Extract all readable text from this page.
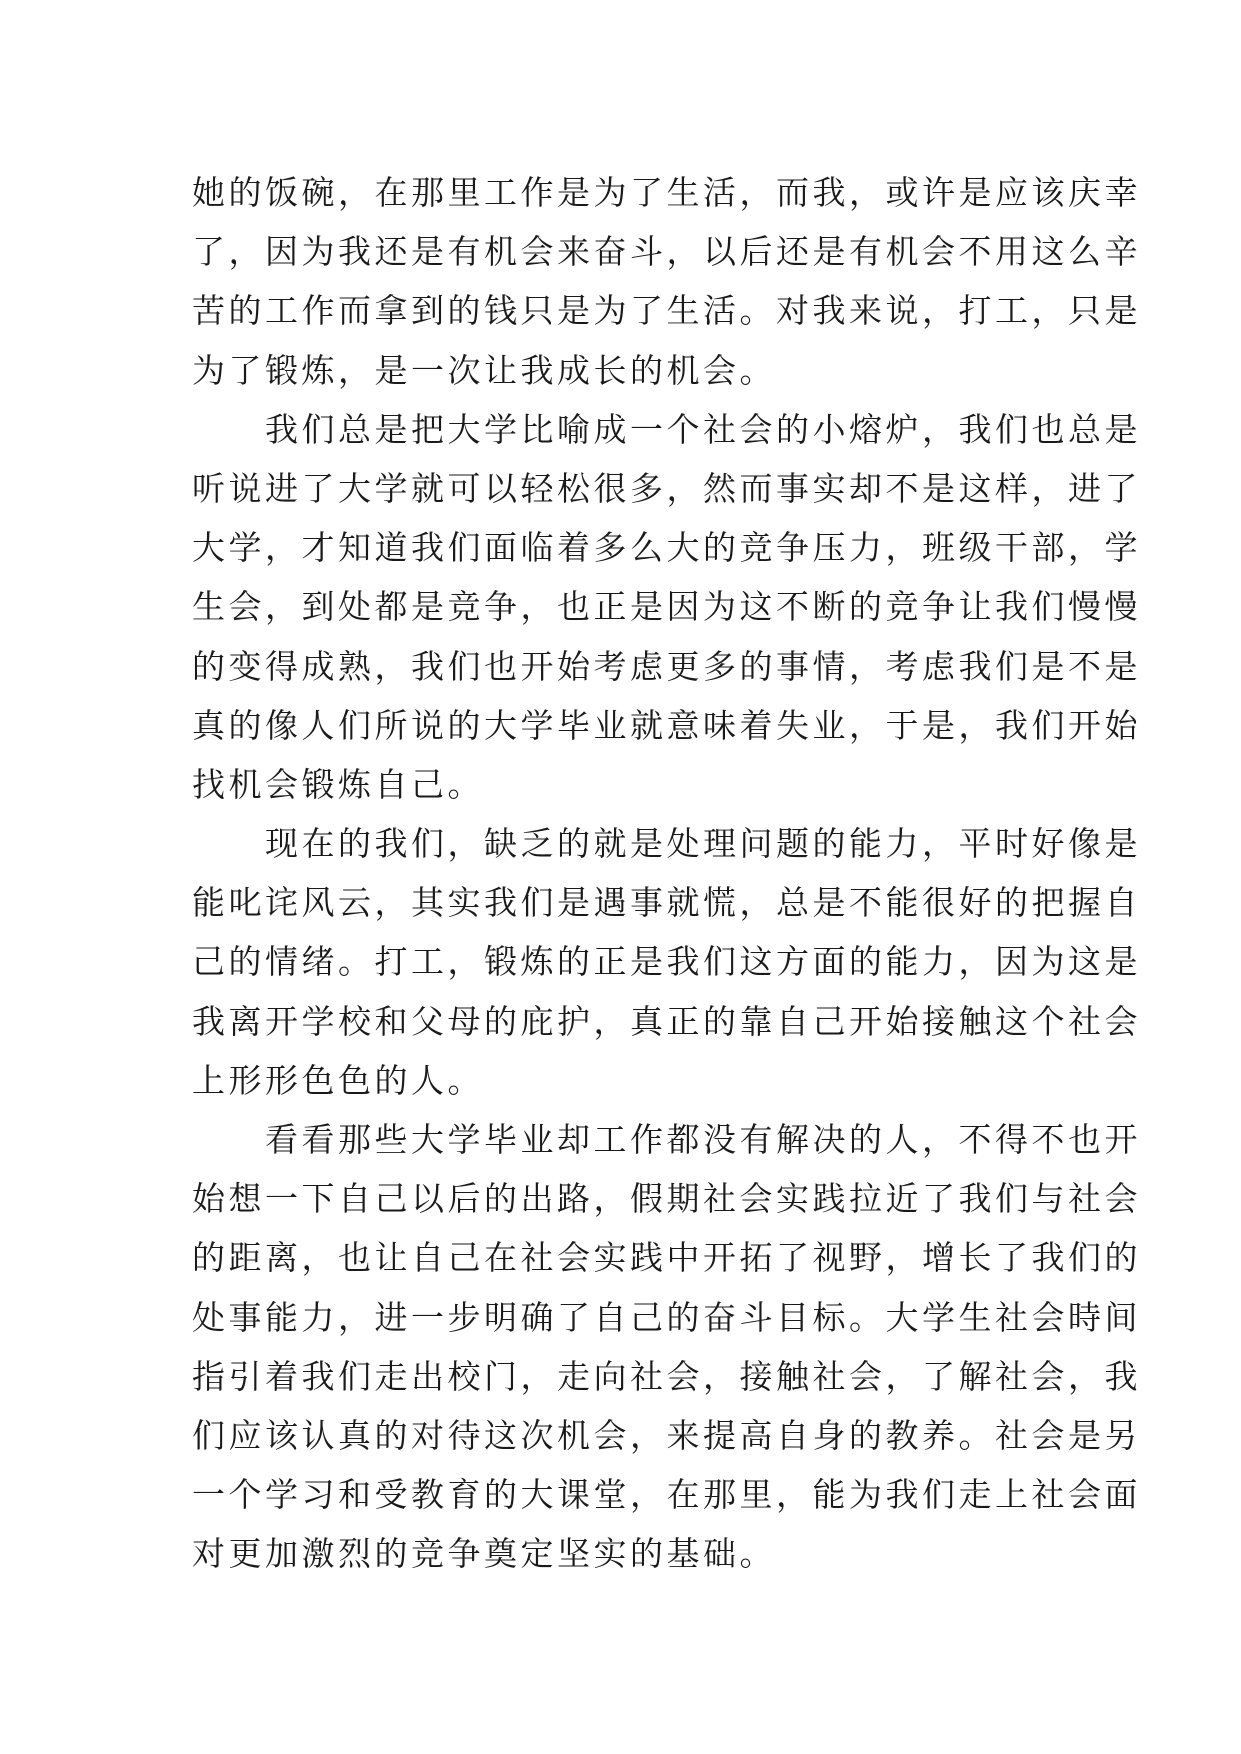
她的饭碗，在那里工作是为了生活，而我，或许是应该庆幸
了，因为我还是有机会来奋斗，以后还是有机会不用这么辛
苦的工作而拿到的钱只是为了生活。对我来说，打工，只是
为了锻炼，是一次让我成长的机会。
　　我们总是把大学比喻成一个社会的小熔炉，我们也总是
听说进了大学就可以轻松很多，然而事实却不是这样，进了
大学，才知道我们面临着多么大的竞争压力，班级干部，学
生会，到处都是竞争，也正是因为这不断的竞争让我们慢慢
的变得成熟，我们也开始考虑更多的事情，考虑我们是不是
真的像人们所说的大学毕业就意味着失业，于是，我们开始
找机会锻炼自己。
　　现在的我们，缺乏的就是处理问题的能力，平时好像是
能叱诧风云，其实我们是遇事就慌，总是不能很好的把握自
己的情绪。打工，锻炼的正是我们这方面的能力，因为这是
我离开学校和父母的庇护，真正的靠自己开始接触这个社会
上形形色色的人。
　　看看那些大学毕业却工作都没有解决的人，不得不也开
始想一下自己以后的出路，假期社会实践拉近了我们与社会
的距离，也让自己在社会实践中开拓了视野，增长了我们的
处事能力，进一步明确了自己的奋斗目标。大学生社会時间
指引着我们走出校门，走向社会，接触社会，了解社会，我
们应该认真的对待这次机会，来提高自身的教养。社会是另
一个学习和受教育的大课堂，在那里，能为我们走上社会面
对更加激烈的竞争奠定坚实的基础。
